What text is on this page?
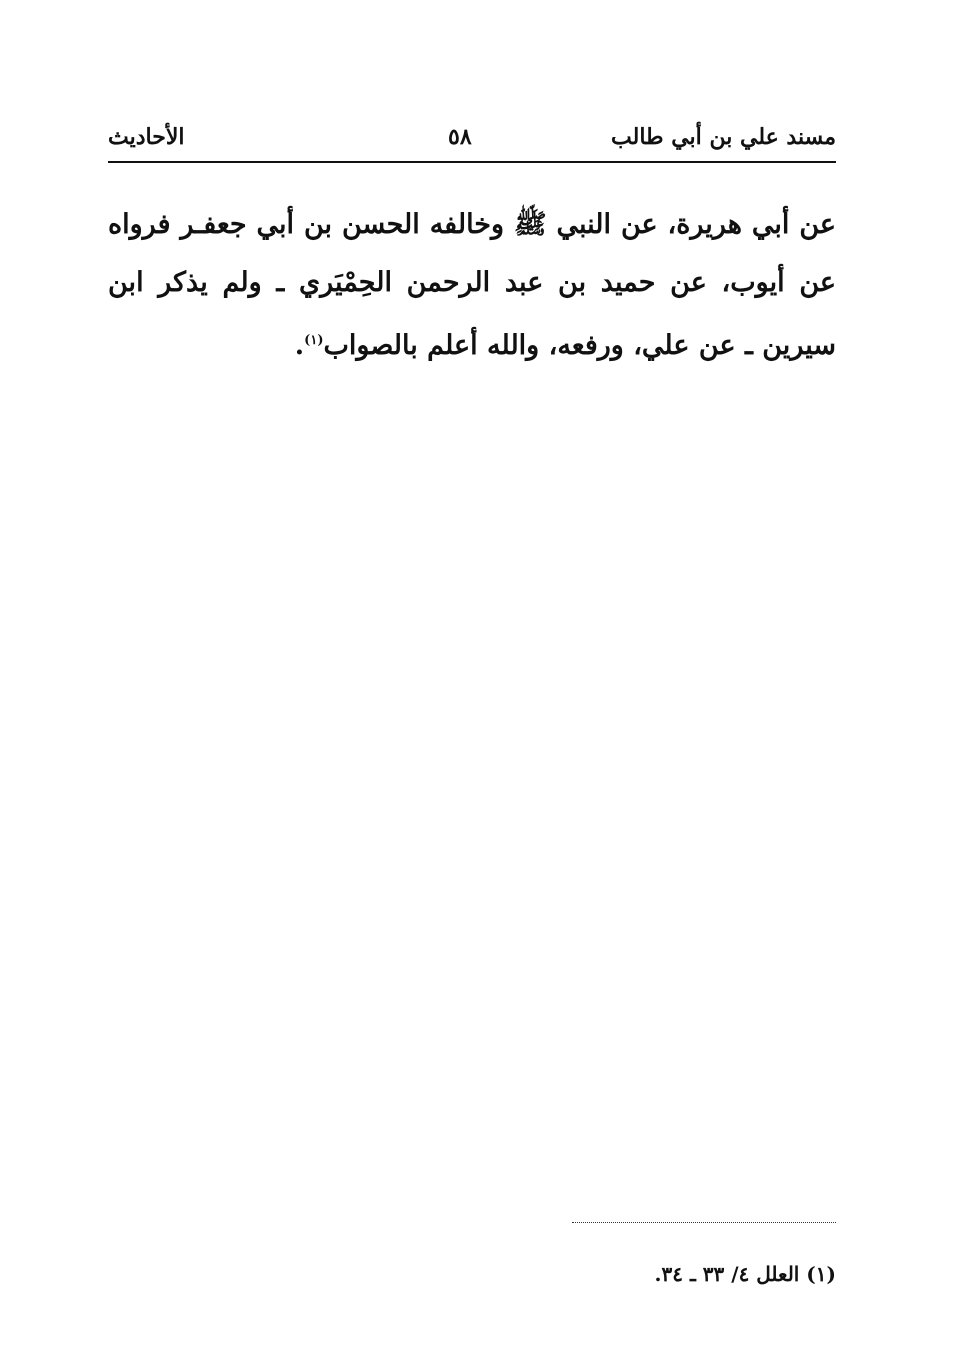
مسند علي بن أبي طالب
٥٨
الأحاديث

عن أبي هريرة، عن النبي ﷺ وخالفه الحسن بن أبي جعفـر فرواه عن أيوب، عن حميد بن عبد الرحمن الحِمْيَري ـ ولم يذكر ابن سيرين ـ عن علي، ورفعه، والله أعلم بالصواب$^{(١)}$.

(١) العلل ٤/ ٣٣ ـ ٣٤.
